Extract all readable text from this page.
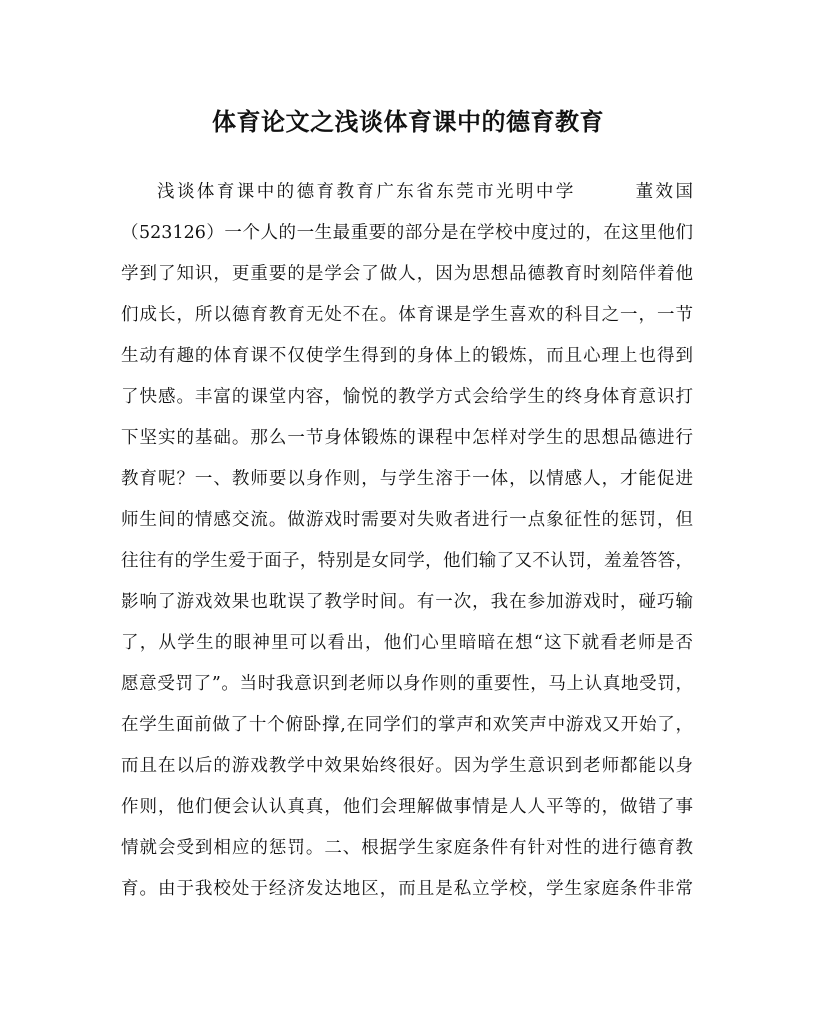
体育论文之浅谈体育课中的德育教育
浅谈体育课中的德育教育广东省东莞市光明中学　　　董效国
（523126）一个人的一生最重要的部分是在学校中度过的，在这里他们
学到了知识，更重要的是学会了做人，因为思想品德教育时刻陪伴着他
们成长，所以德育教育无处不在。体育课是学生喜欢的科目之一，一节
生动有趣的体育课不仅使学生得到的身体上的锻炼，而且心理上也得到
了快感。丰富的课堂内容，愉悦的教学方式会给学生的终身体育意识打
下坚实的基础。那么一节身体锻炼的课程中怎样对学生的思想品德进行
教育呢？一、教师要以身作则，与学生溶于一体，以情感人，才能促进
师生间的情感交流。做游戏时需要对失败者进行一点象征性的惩罚，但
往往有的学生爱于面子，特别是女同学，他们输了又不认罚，羞羞答答，
影响了游戏效果也耽误了教学时间。有一次，我在参加游戏时，碰巧输
了，从学生的眼神里可以看出，他们心里暗暗在想“这下就看老师是否
愿意受罚了”。当时我意识到老师以身作则的重要性，马上认真地受罚，
在学生面前做了十个俯卧撑,在同学们的掌声和欢笑声中游戏又开始了，
而且在以后的游戏教学中效果始终很好。因为学生意识到老师都能以身
作则，他们便会认认真真，他们会理解做事情是人人平等的，做错了事
情就会受到相应的惩罚。二、根据学生家庭条件有针对性的进行德育教
育。由于我校处于经济发达地区，而且是私立学校，学生家庭条件非常
